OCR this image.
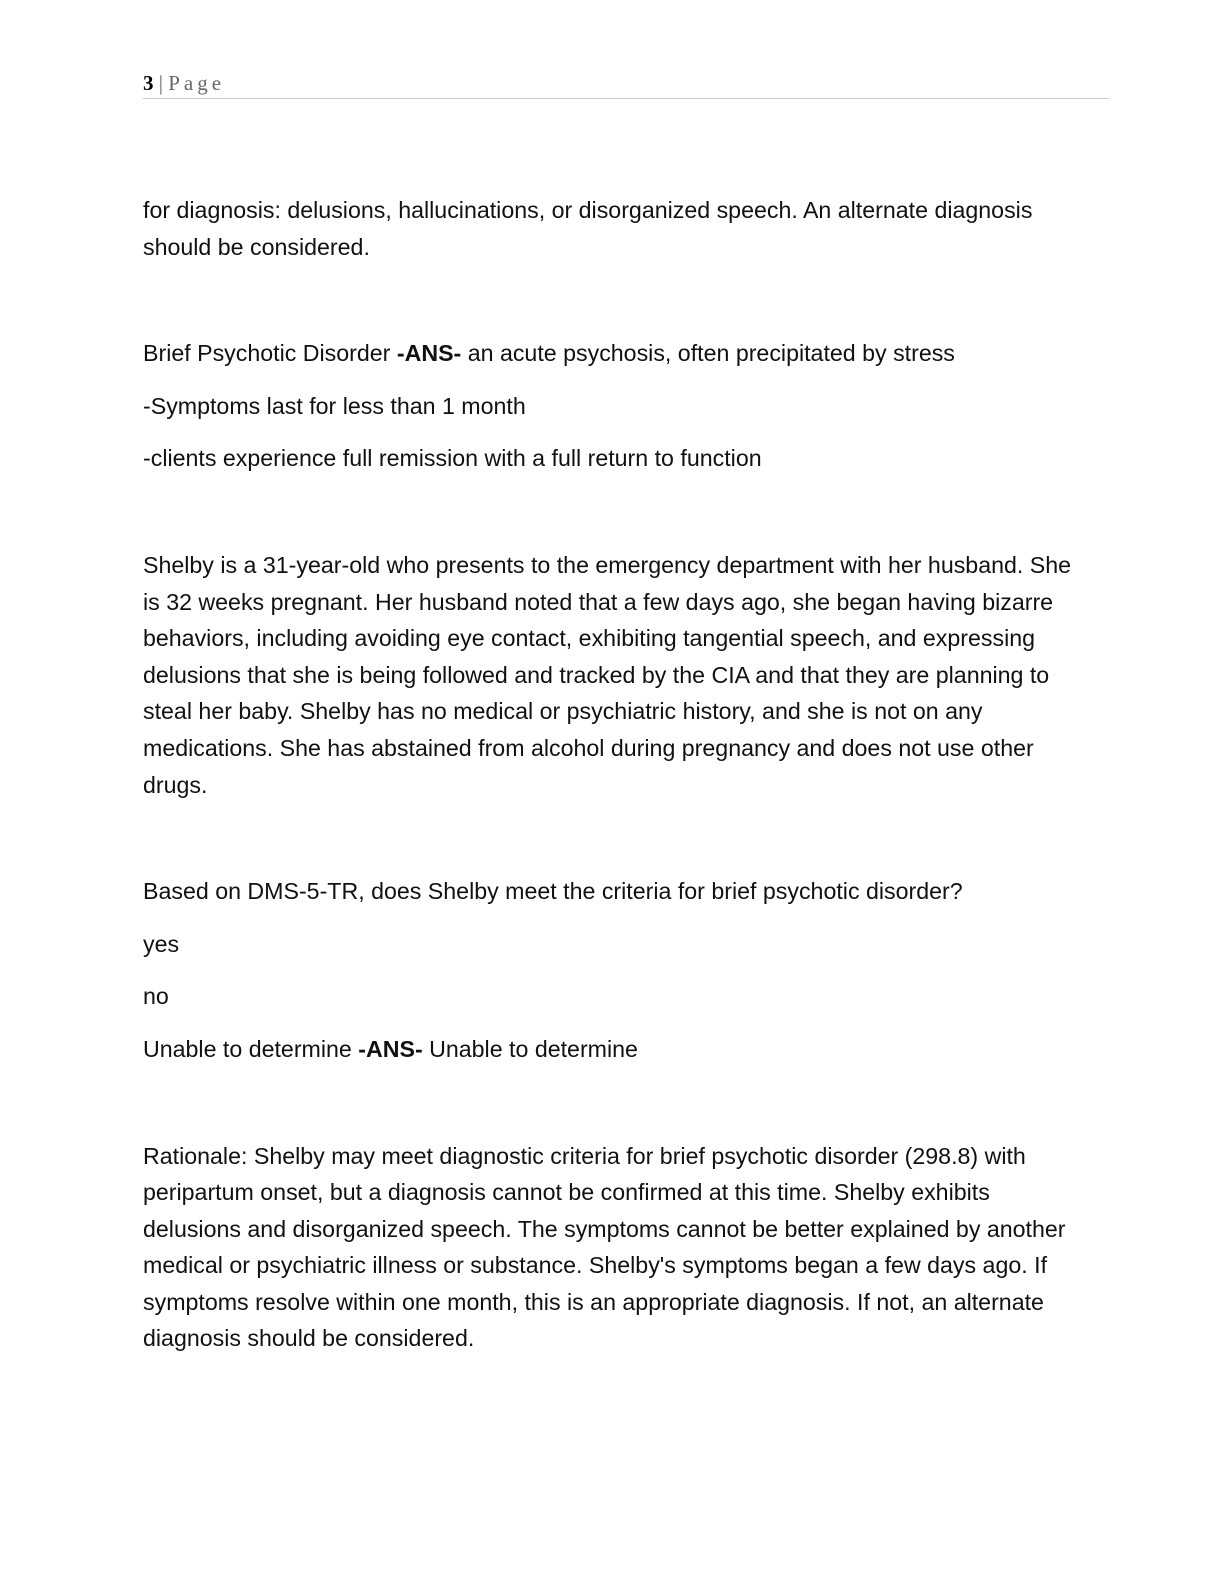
3 | Page

for diagnosis: delusions, hallucinations, or disorganized speech. An alternate diagnosis should be considered.

Brief Psychotic Disorder -ANS- an acute psychosis, often precipitated by stress

-Symptoms last for less than 1 month

-clients experience full remission with a full return to function

Shelby is a 31-year-old who presents to the emergency department with her husband. She is 32 weeks pregnant. Her husband noted that a few days ago, she began having bizarre behaviors, including avoiding eye contact, exhibiting tangential speech, and expressing delusions that she is being followed and tracked by the CIA and that they are planning to steal her baby. Shelby has no medical or psychiatric history, and she is not on any medications. She has abstained from alcohol during pregnancy and does not use other drugs.

Based on DMS-5-TR, does Shelby meet the criteria for brief psychotic disorder?

yes

no

Unable to determine -ANS- Unable to determine

Rationale: Shelby may meet diagnostic criteria for brief psychotic disorder (298.8) with peripartum onset, but a diagnosis cannot be confirmed at this time. Shelby exhibits delusions and disorganized speech. The symptoms cannot be better explained by another medical or psychiatric illness or substance. Shelby's symptoms began a few days ago. If symptoms resolve within one month, this is an appropriate diagnosis. If not, an alternate diagnosis should be considered.
